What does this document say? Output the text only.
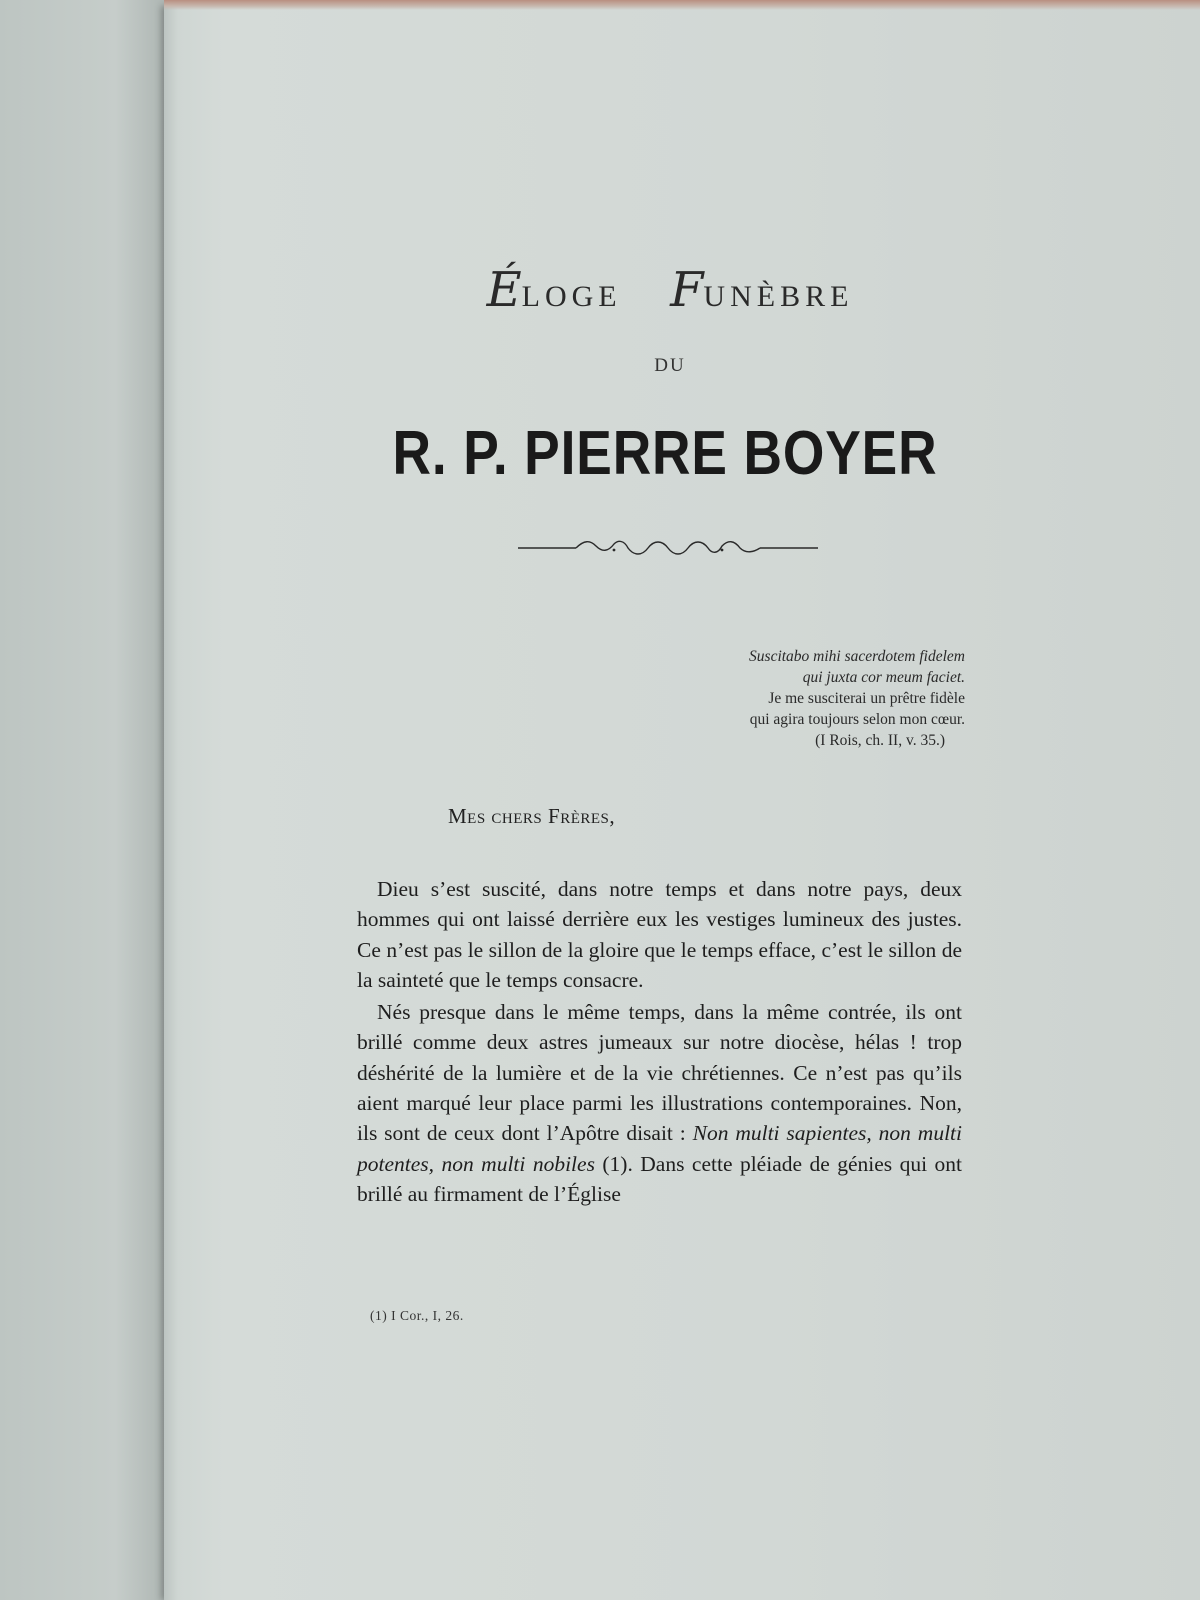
ÉLOGE FUNÈBRE
DU
R. P. PIERRE BOYER
Suscitabo mihi sacerdotem fidelem
qui juxta cor meum faciet.
Je me susciterai un prêtre fidèle
qui agira toujours selon mon cœur.
(I Rois, ch. II, v. 35.)
Mes chers Frères,

Dieu s’est suscité, dans notre temps et dans notre pays, deux hommes qui ont laissé derrière eux les vestiges lumineux des justes. Ce n’est pas le sillon de la gloire que le temps efface, c’est le sillon de la sainteté que le temps consacre.

Nés presque dans le même temps, dans la même contrée, ils ont brillé comme deux astres jumeaux sur notre diocèse, hélas ! trop déshérité de la lumière et de la vie chrétiennes. Ce n’est pas qu’ils aient marqué leur place parmi les illustrations contemporaines. Non, ils sont de ceux dont l’Apôtre disait : Non multi sapientes, non multi potentes, non multi nobiles (1). Dans cette pléiade de génies qui ont brillé au firmament de l’Église

(1) I Cor., I, 26.
